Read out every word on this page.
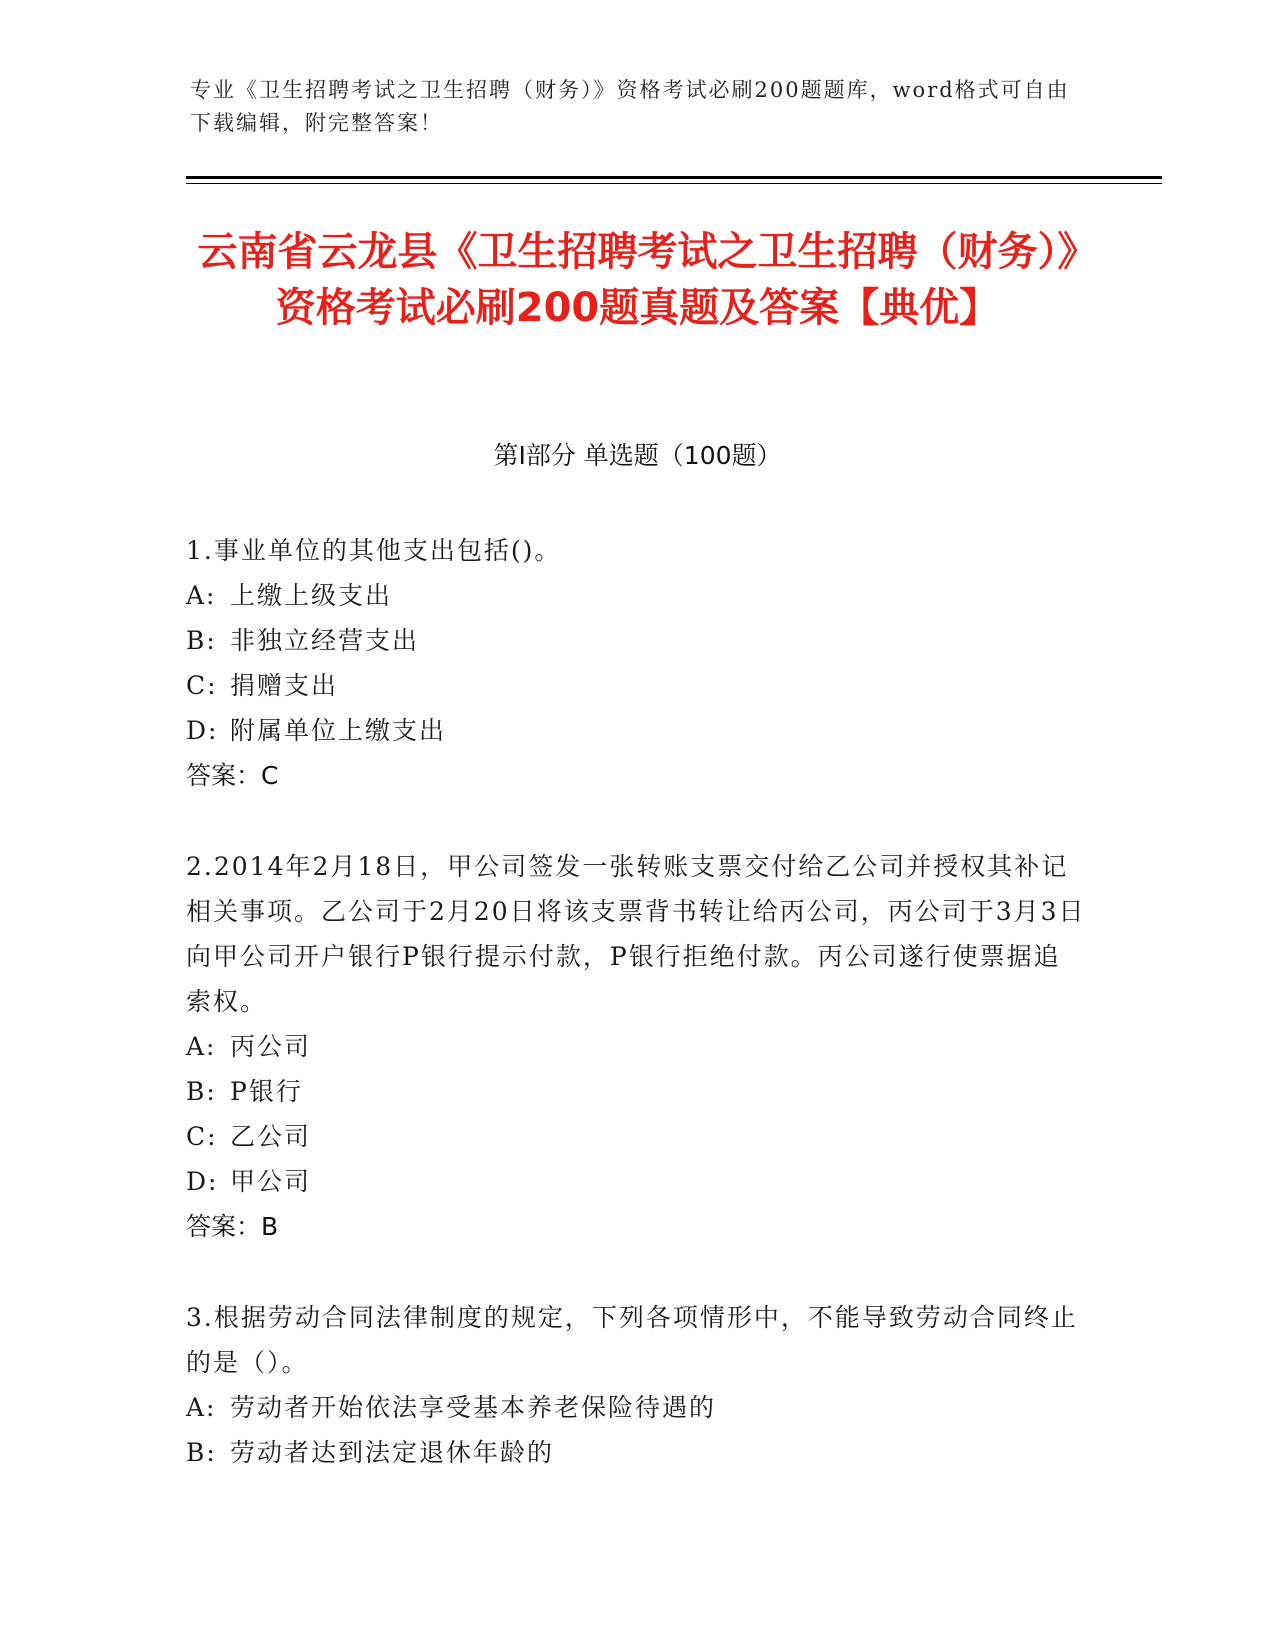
专业《卫生招聘考试之卫生招聘（财务）》资格考试必刷200题题库，word格式可自由下载编辑，附完整答案！
云南省云龙县《卫生招聘考试之卫生招聘（财务）》资格考试必刷200题真题及答案【典优】
第I部分 单选题（100题）

1.事业单位的其他支出包括()。

A: 上缴上级支出

B: 非独立经营支出

C: 捐赠支出

D: 附属单位上缴支出

答案：C

2.2014年2月18日，甲公司签发一张转账支票交付给乙公司并授权其补记相关事项。乙公司于2月20日将该支票背书转让给丙公司，丙公司于3月3日向甲公司开户银行P银行提示付款，P银行拒绝付款。丙公司遂行使票据追索权。

A: 丙公司

B: P银行

C: 乙公司

D: 甲公司

答案：B

3.根据劳动合同法律制度的规定，下列各项情形中，不能导致劳动合同终止的是（）。

A: 劳动者开始依法享受基本养老保险待遇的

B: 劳动者达到法定退休年龄的
